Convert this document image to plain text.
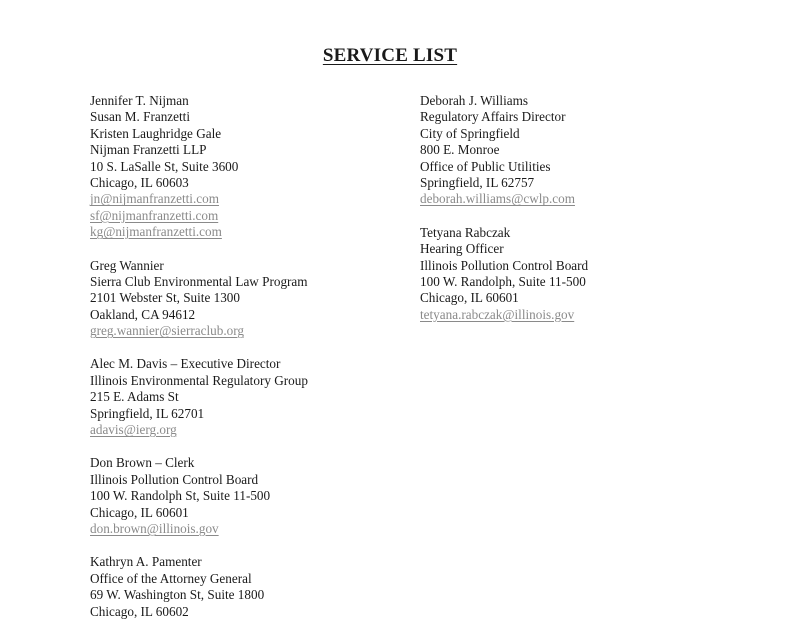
SERVICE LIST
Jennifer T. Nijman
Susan M. Franzetti
Kristen Laughridge Gale
Nijman Franzetti LLP
10 S. LaSalle St, Suite 3600
Chicago, IL 60603
jn@nijmanfranzetti.com
sf@nijmanfranzetti.com
kg@nijmanfranzetti.com
Greg Wannier
Sierra Club Environmental Law Program
2101 Webster St, Suite 1300
Oakland, CA 94612
greg.wannier@sierraclub.org
Alec M. Davis – Executive Director
Illinois Environmental Regulatory Group
215 E. Adams St
Springfield, IL 62701
adavis@ierg.org
Don Brown – Clerk
Illinois Pollution Control Board
100 W. Randolph St, Suite 11-500
Chicago, IL 60601
don.brown@illinois.gov
Kathryn A. Pamenter
Office of the Attorney General
69 W. Washington St, Suite 1800
Chicago, IL 60602
Deborah J. Williams
Regulatory Affairs Director
City of Springfield
800 E. Monroe
Office of Public Utilities
Springfield, IL 62757
deborah.williams@cwlp.com
Tetyana Rabczak
Hearing Officer
Illinois Pollution Control Board
100 W. Randolph, Suite 11-500
Chicago, IL 60601
tetyana.rabczak@illinois.gov
